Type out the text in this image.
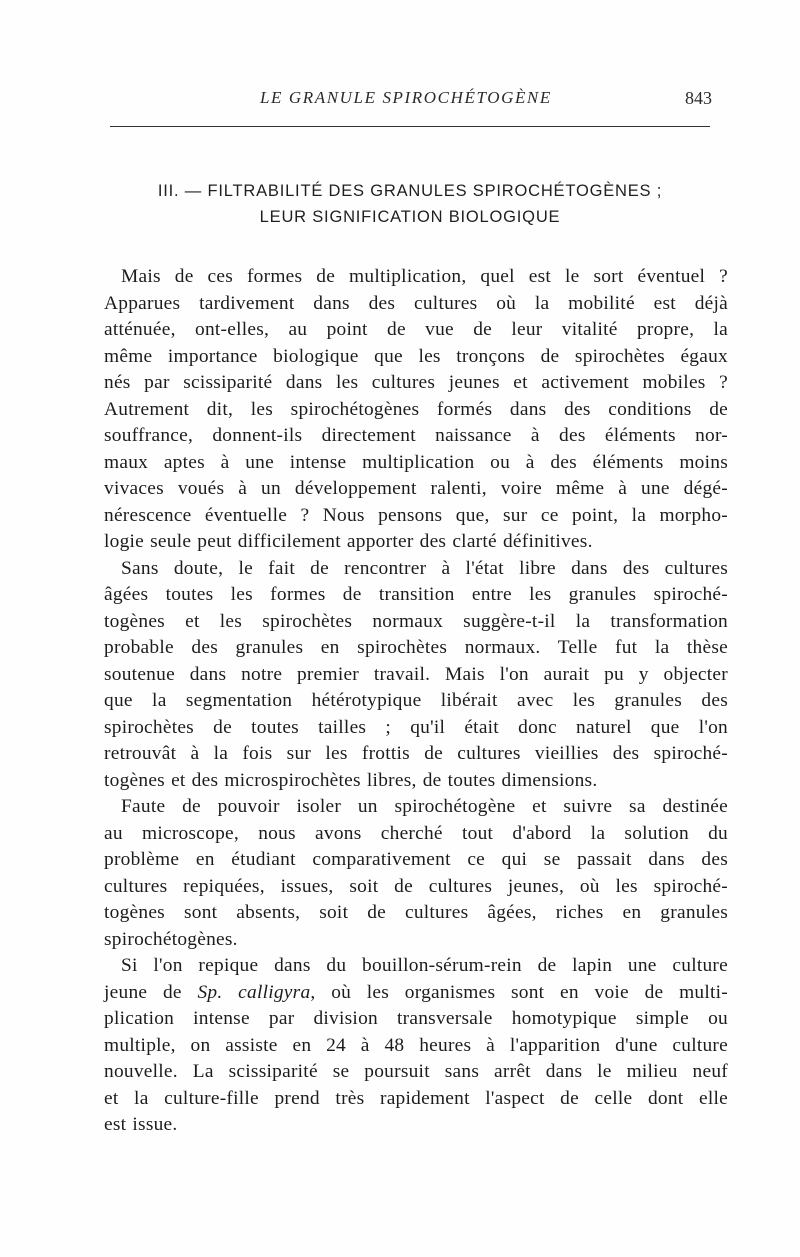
LE GRANULE SPIROCHÉTOGÈNE	843
III. — FILTRABILITÉ DES GRANULES SPIROCHÉTOGÈNES ;
LEUR SIGNIFICATION BIOLOGIQUE

Mais de ces formes de multiplication, quel est le sort éventuel ?
Apparues tardivement dans des cultures où la mobilité est déjà
atténuée, ont-elles, au point de vue de leur vitalité propre, la
même importance biologique que les tronçons de spirochètes égaux
nés par scissiparité dans les cultures jeunes et activement mobiles ?
Autrement dit, les spirochétogènes formés dans des conditions de
souffrance, donnent-ils directement naissance à des éléments nor-
maux aptes à une intense multiplication ou à des éléments moins
vivaces voués à un développement ralenti, voire même à une dégé-
nérescence éventuelle ? Nous pensons que, sur ce point, la morpho-
logie seule peut difficilement apporter des clarté définitives.

Sans doute, le fait de rencontrer à l'état libre dans des cultures
âgées toutes les formes de transition entre les granules spiroché-
togènes et les spirochètes normaux suggère-t-il la transformation
probable des granules en spirochètes normaux. Telle fut la thèse
soutenue dans notre premier travail. Mais l'on aurait pu y objecter
que la segmentation hétérotypique libérait avec les granules des
spirochètes de toutes tailles ; qu'il était donc naturel que l'on
retrouvât à la fois sur les frottis de cultures vieillies des spiroché-
togènes et des microspirochètes libres, de toutes dimensions.

Faute de pouvoir isoler un spirochétogène et suivre sa destinée
au microscope, nous avons cherché tout d'abord la solution du
problème en étudiant comparativement ce qui se passait dans des
cultures repiquées, issues, soit de cultures jeunes, où les spiroché-
togènes sont absents, soit de cultures âgées, riches en granules
spirochétogènes.

Si l'on repique dans du bouillon-sérum-rein de lapin une culture
jeune de Sp. calligyra, où les organismes sont en voie de multi-
plication intense par division transversale homotypique simple ou
multiple, on assiste en 24 à 48 heures à l'apparition d'une culture
nouvelle. La scissiparité se poursuit sans arrêt dans le milieu neuf
et la culture-fille prend très rapidement l'aspect de celle dont elle
est issue.
